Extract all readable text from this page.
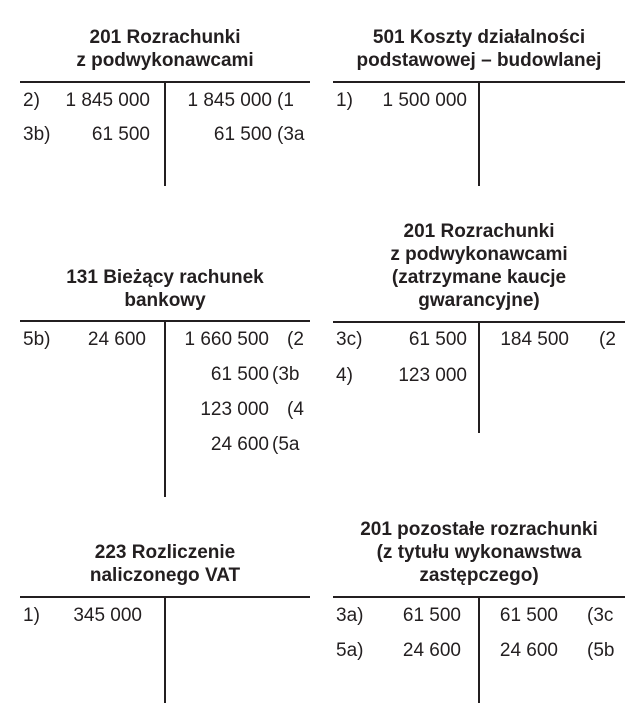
201 Rozrachunki
z podwykonawcami
2) 1 845 000
3b) 61 500
1 845 000 (1
61 500 (3a
501 Koszty działalności
podstawowej – budowlanej
1) 1 500 000
131 Bieżący rachunek
bankowy
5b) 24 600 1 660 500 (2
61 500 (3b
123 000 (4
24 600 (5a
201 Rozrachunki
z podwykonawcami
(zatrzymane kaucje
gwarancyjne)
3c) 61 500
4) 123 000
184 500 (2
223 Rozliczenie
naliczonego VAT
1) 345 000
201 pozostałe rozrachunki
(z tytułu wykonawstwa
zastępczego)
3a) 61 500
5a) 24 600
61 500 (3c
24 600 (5b
